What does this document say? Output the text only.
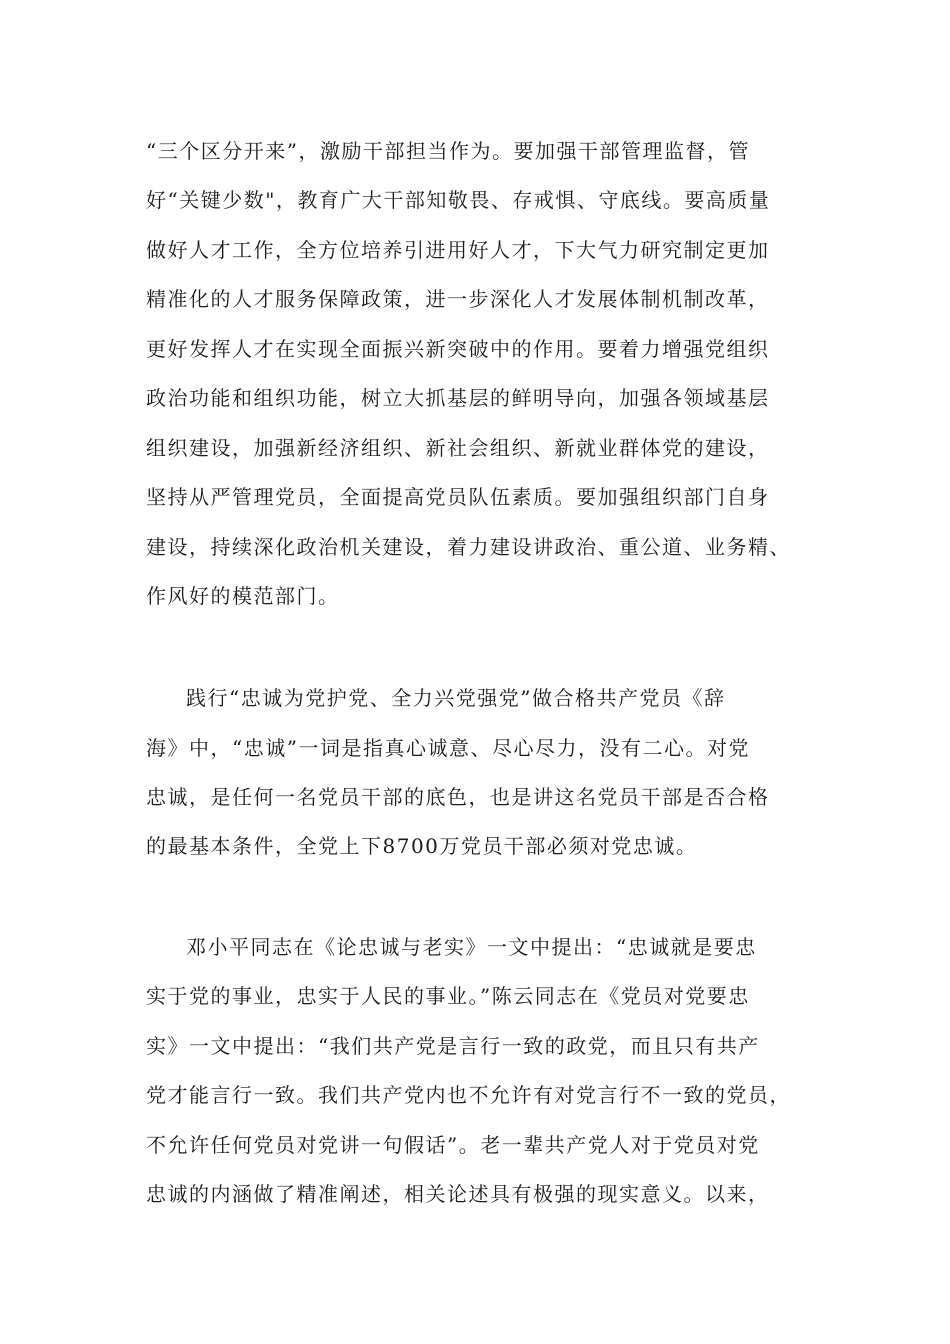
“三个区分开来”，激励干部担当作为。要加强干部管理监督，管
好“关键少数"，教育广大干部知敬畏、存戒惧、守底线。要高质量
做好人才工作，全方位培养引进用好人才，下大气力研究制定更加
精准化的人才服务保障政策，进一步深化人才发展体制机制改革，
更好发挥人才在实现全面振兴新突破中的作用。要着力增强党组织
政治功能和组织功能，树立大抓基层的鲜明导向，加强各领域基层
组织建设，加强新经济组织、新社会组织、新就业群体党的建设，
坚持从严管理党员，全面提高党员队伍素质。要加强组织部门自身
建设，持续深化政治机关建设，着力建设讲政治、重公道、业务精、
作风好的模范部门。
践行“忠诚为党护党、全力兴党强党”做合格共产党员《辞
海》中，“忠诚”一词是指真心诚意、尽心尽力，没有二心。对党
忠诚，是任何一名党员干部的底色，也是讲这名党员干部是否合格
的最基本条件，全党上下8700万党员干部必须对党忠诚。
邓小平同志在《论忠诚与老实》一文中提出：“忠诚就是要忠
实于党的事业，忠实于人民的事业。”陈云同志在《党员对党要忠
实》一文中提出：“我们共产党是言行一致的政党，而且只有共产
党才能言行一致。我们共产党内也不允许有对党言行不一致的党员，
不允许任何党员对党讲一句假话”。老一辈共产党人对于党员对党
忠诚的内涵做了精准阐述，相关论述具有极强的现实意义。以来，
